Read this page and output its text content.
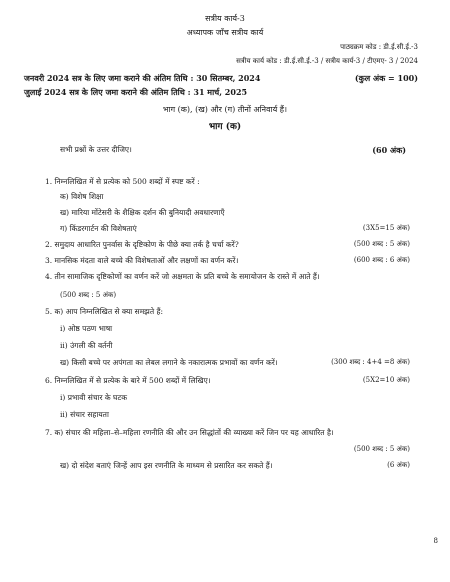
सत्रीय कार्य-3
अध्यापक जाँच सत्रीय कार्य
पाठ्यक्रम कोड : डी.ई.सी.ई.-3
सत्रीय कार्य कोड : डी.ई.सी.ई.-3 / सत्रीय कार्य-3 / टीएमए- 3 / 2024
जनवरी 2024 सत्र के लिए जमा कराने की अंतिम तिथि : 30 सितम्बर, 2024	(कुल अंक = 100)
जुलाई 2024 सत्र के लिए जमा कराने की अंतिम तिथि : 31 मार्च, 2025
भाग (क), (ख) और (ग) तीनों अनिवार्य हैं।
भाग (क)
सभी प्रश्नों के उत्तर दीजिए।	(60 अंक)
1. निम्नलिखित में से प्रत्येक को 500 शब्दों में स्पष्ट करें :
क) विशेष शिक्षा
ख) मारिया मोंटेसरी के शैक्षिक दर्शन की बुनियादी अवधारणाएँ
ग) किंडरगार्टन की विशेषताएं	(3X5=15 अंक)
2. समुदाय आधारित पुनर्वास के दृष्टिकोण के पीछे क्या तर्क है चर्चा करें?	(500 शब्द : 5 अंक)
3. मानसिक मंदता वाले बच्चे की विशेषताओं और लक्षणों का वर्णन करें।	(600 शब्द : 6 अंक)
4. तीन सामाजिक दृष्टिकोणों का वर्णन करें जो अक्षमता के प्रति बच्चे के समायोजन के रास्ते में आते हैं।
(500 शब्द : 5 अंक)
5. क) आप निम्नलिखित से क्या समझते हैं:
i) ओष्ठ पठण भाषा
ii) उंगली की वर्तनी
ख) किसी बच्चे पर अपंगता का लेबल लगाने के नकारात्मक प्रभावों का वर्णन करें।	(300 शब्द : 4+4 =8 अंक)
6. निम्नलिखित में से प्रत्येक के बारे में 500 शब्दों में लिखिए।	(5X2=10 अंक)
i) प्रभावी संचार के घटक
ii) संचार सहायता
7. क) संचार की महिला–से–महिला रणनीति की और उन सिद्धांतों की व्याख्या करें जिन पर यह आधारित है।
(500 शब्द : 5 अंक)
ख) दो संदेश बताएं जिन्हें आप इस रणनीति के माध्यम से प्रसारित कर सकते हैं।	(6 अंक)
8
